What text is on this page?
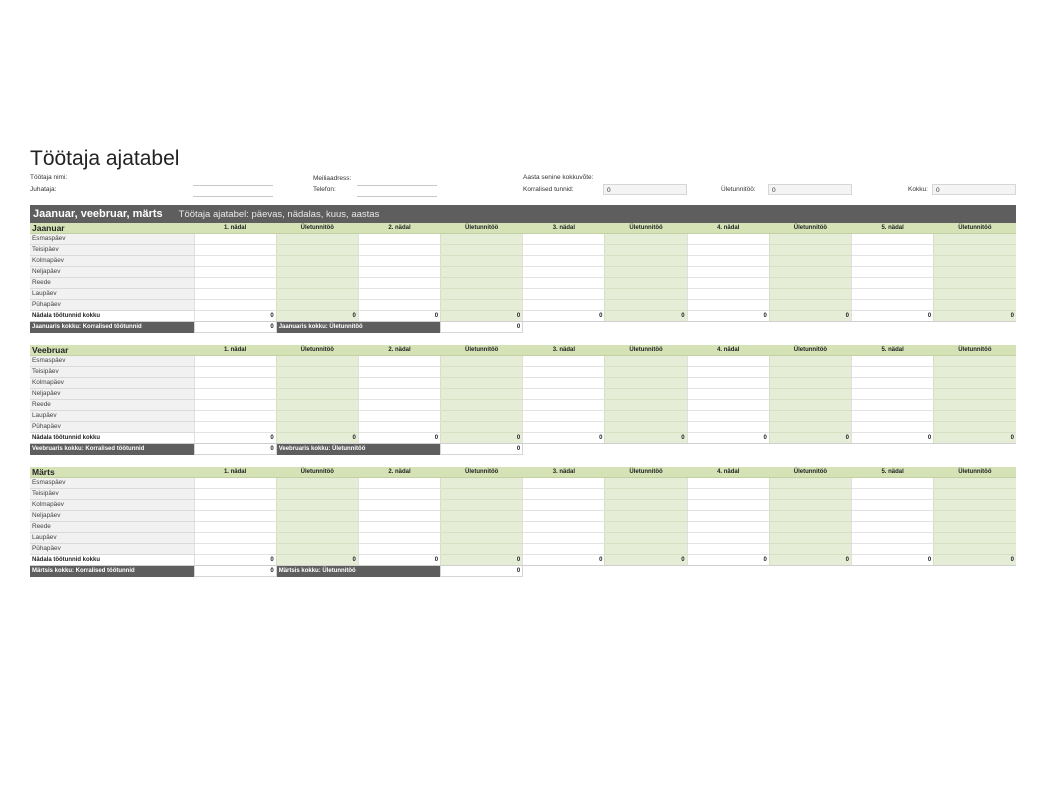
Töötaja ajatabel
Töötaja nimi:
Juhataja:
Meiliaadress:
Telefon:
Aasta senine kokkuvõte:
Korralised tunnid:	0	Ületunnitöö:	0	Kokku:	0
Jaanuar, veebruar, märts Töötaja ajatabel: päevas, nädalas, kuus, aastas
Jaanuar	1. nädal	Ületunnitöö	2. nädal	Ületunnitöö	3. nädal	Ületunnitöö	4. nädal	Ületunnitöö	5. nädal	Ületunnitöö
Esmaspäev										
Teisipäev										
Kolmapäev										
Neljapäev										
Reede										
Laupäev										
Pühapäev										
Nädala töötunnid kokku	0	0	0	0	0	0	0	0	0	0
Jaanuaris kokku: Korralised töötunnid	0	Jaanuaris kokku: Ületunnitöö		0						
Veebruar	1. nädal	Ületunnitöö	2. nädal	Ületunnitöö	3. nädal	Ületunnitöö	4. nädal	Ületunnitöö	5. nädal	Ületunnitöö
Esmaspäev										
Teisipäev										
Kolmapäev										
Neljapäev										
Reede										
Laupäev										
Pühapäev										
Nädala töötunnid kokku	0	0	0	0	0	0	0	0	0	0
Veebruaris kokku: Korralised töötunnid	0	Veebruaris kokku: Ületunnitöö		0						
Märts	1. nädal	Ületunnitöö	2. nädal	Ületunnitöö	3. nädal	Ületunnitöö	4. nädal	Ületunnitöö	5. nädal	Ületunnitöö
Esmaspäev										
Teisipäev										
Kolmapäev										
Neljapäev										
Reede										
Laupäev										
Pühapäev										
Nädala töötunnid kokku	0	0	0	0	0	0	0	0	0	0
Märtsis kokku: Korralised töötunnid	0	Märtsis kokku: Ületunnitöö		0						
